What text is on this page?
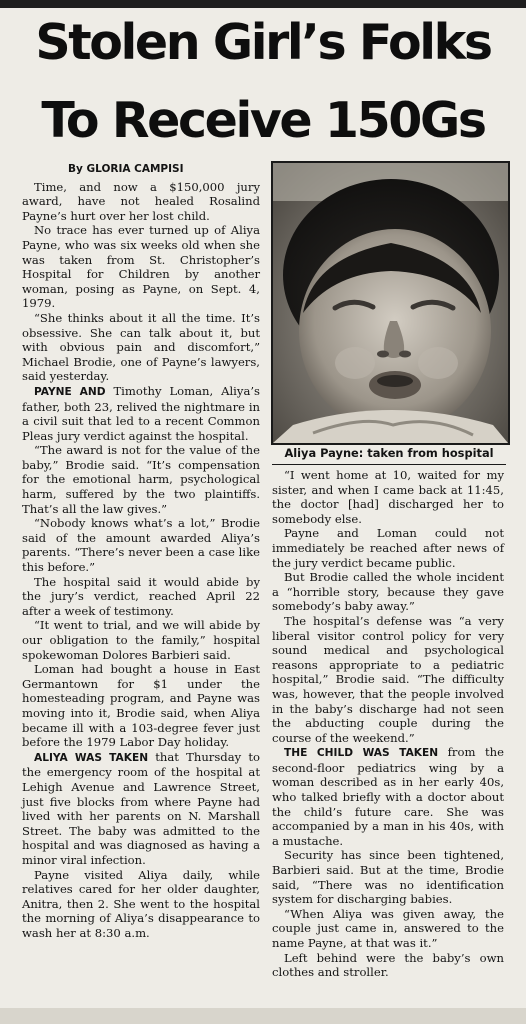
Stolen Girl’s Folks
To Receive 150Gs
By GLORIA CAMPISI

Time, and now a $150,000 jury award, have not healed Rosalind Payne’s hurt over her lost child.

No trace has ever turned up of Aliya Payne, who was six weeks old when she was taken from St. Christopher’s Hospital for Children by another woman, posing as Payne, on Sept. 4, 1979.

“She thinks about it all the time. It’s obsessive. She can talk about it, but with obvious pain and discomfort,” Michael Brodie, one of Payne’s lawyers, said yesterday.

PAYNE AND Timothy Loman, Aliya’s father, both 23, relived the nightmare in a civil suit that led to a recent Common Pleas jury verdict against the hospital.

“The award is not for the value of the baby,” Brodie said. “It’s compensation for the emotional harm, psychological harm, suffered by the two plaintiffs. That’s all the law gives.”

“Nobody knows what’s a lot,” Brodie said of the amount awarded Aliya’s parents. “There’s never been a case like this before.”

The hospital said it would abide by the jury’s verdict, reached April 22 after a week of testimony.

“It went to trial, and we will abide by our obligation to the family,” hospital spokewoman Dolores Barbieri said.

Loman had bought a house in East Germantown for $1 under the homesteading program, and Payne was moving into it, Brodie said, when Aliya became ill with a 103-degree fever just before the 1979 Labor Day holiday.

ALIYA WAS TAKEN that Thursday to the emergency room of the hospital at Lehigh Avenue and Lawrence Street, just five blocks from where Payne had lived with her parents on N. Marshall Street. The baby was admitted to the hospital and was diagnosed as having a minor viral infection.

Payne visited Aliya daily, while relatives cared for her older daughter, Anitra, then 2. She went to the hospital the morning of Aliya’s disappearance to wash her at 8:30 a.m.

Aliya Payne: taken from hospital

“I went home at 10, waited for my sister, and when I came back at 11:45, the doctor [had] discharged her to somebody else.

Payne and Loman could not immediately be reached after news of the jury verdict became public.

But Brodie called the whole incident a “horrible story, because they gave somebody’s baby away.”

The hospital’s defense was “a very liberal visitor control policy for very sound medical and psychological reasons appropriate to a pediatric hospital,” Brodie said. “The difficulty was, however, that the people involved in the baby’s discharge had not seen the abducting couple during the course of the weekend.”

THE CHILD WAS TAKEN from the second-floor pediatrics wing by a woman described as in her early 40s, who talked briefly with a doctor about the child’s future care. She was accompanied by a man in his 40s, with a mustache.

Security has since been tightened, Barbieri said. But at the time, Brodie said, “There was no identification system for discharging babies.

“When Aliya was given away, the couple just came in, answered to the name Payne, at that was it.”

Left behind were the baby’s own clothes and stroller.
